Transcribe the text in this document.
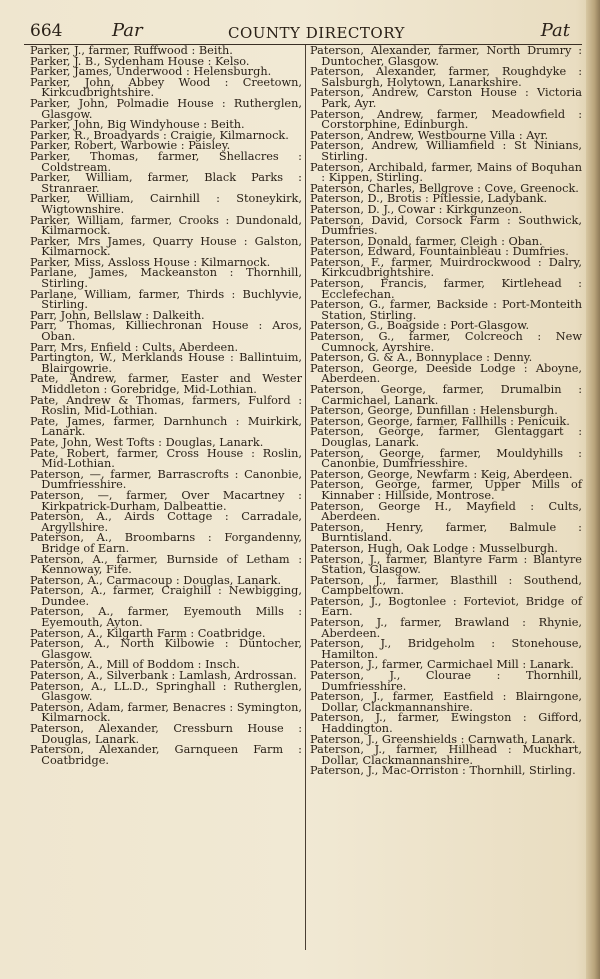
664	Par	COUNTY DIRECTORY	Pat

Parker, J., farmer, Ruffwood : Beith.

Parker, J. B., Sydenham House : Kelso.

Parker, James, Underwood : Helensburgh.

Parker, John, Abbey Wood : Creetown, Kirkcudbrightshire.

Parker, John, Polmadie House : Rutherglen, Glasgow.

Parker, John, Big Windyhouse : Beith.

Parker, R., Broadyards : Craigie, Kilmarnock.

Parker, Robert, Warbowie : Paisley.

Parker, Thomas, farmer, Shellacres : Coldstream.

Parker, William, farmer, Black Parks : Stranraer.

Parker, William, Cairnhill : Stoneykirk, Wigtownshire.

Parker, William, farmer, Crooks : Dundonald, Kilmarnock.

Parker, Mrs James, Quarry House : Galston, Kilmarnock.

Parker, Miss, Assloss House : Kilmarnock.

Parlane, James, Mackeanston : Thornhill, Stirling.

Parlane, William, farmer, Thirds : Buchlyvie, Stirling.

Parr, John, Bellslaw : Dalkeith.

Parr, Thomas, Killiechronan House : Aros, Oban.

Parr, Mrs, Enfield : Cults, Aberdeen.

Partington, W., Merklands House : Ballintuim, Blairgowrie.

Pate, Andrew, farmer, Easter and Wester Middleton : Gorebridge, Mid-Lothian.

Pate, Andrew & Thomas, farmers, Fulford : Roslin, Mid-Lothian.

Pate, James, farmer, Darnhunch : Muirkirk, Lanark.

Pate, John, West Tofts : Douglas, Lanark.

Pate, Robert, farmer, Cross House : Roslin, Mid-Lothian.

Paterson, —, farmer, Barrascrofts : Canonbie, Dumfriesshire.

Paterson, —, farmer, Over Macartney : Kirkpatrick-Durham, Dalbeattie.

Paterson, A., Airds Cottage : Carradale, Argyllshire.

Paterson, A., Broombarns : Forgandenny, Bridge of Earn.

Paterson, A., farmer, Burnside of Letham : Kennoway, Fife.

Paterson, A., Carmacoup : Douglas, Lanark.

Paterson, A., farmer, Craighill : Newbigging, Dundee.

Paterson, A., farmer, Eyemouth Mills : Eyemouth, Ayton.

Paterson, A., Kilgarth Farm : Coatbridge.

Paterson, A., North Kilbowie : Duntocher, Glasgow.

Paterson, A., Mill of Boddom : Insch.

Paterson, A., Silverbank : Lamlash, Ardrossan.

Paterson, A., LL.D., Springhall : Rutherglen, Glasgow.

Paterson, Adam, farmer, Benacres : Symington, Kilmarnock.

Paterson, Alexander, Cressburn House : Douglas, Lanark.

Paterson, Alexander, Garnqueen Farm : Coatbridge.

Paterson, Alexander, farmer, North Drumry : Duntocher, Glasgow.

Paterson, Alexander, farmer, Roughdyke : Salsburgh, Holytown, Lanarkshire.

Paterson, Andrew, Carston House : Victoria Park, Ayr.

Paterson, Andrew, farmer, Meadowfield : Corstorphine, Edinburgh.

Paterson, Andrew, Westbourne Villa : Ayr.

Paterson, Andrew, Williamfield : St Ninians, Stirling.

Paterson, Archibald, farmer, Mains of Boquhan : Kippen, Stirling.

Paterson, Charles, Bellgrove : Cove, Greenock.

Paterson, D., Brotis : Pitlessie, Ladybank.

Paterson, D. J., Cowar : Kirkgunzeon.

Paterson, David, Corsock Farm : Southwick, Dumfries.

Paterson, Donald, farmer, Cleigh : Oban.

Paterson, Edward, Fountainbleau : Dumfries.

Paterson, F., farmer, Muirdrockwood : Dalry, Kirkcudbrightshire.

Paterson, Francis, farmer, Kirtlehead : Ecclefechan.

Paterson, G., farmer, Backside : Port-Monteith Station, Stirling.

Paterson, G., Boagside : Port-Glasgow.

Paterson, G., farmer, Colcreoch : New Cumnock, Ayrshire.

Paterson, G. & A., Bonnyplace : Denny.

Paterson, George, Deeside Lodge : Aboyne, Aberdeen.

Paterson, George, farmer, Drumalbin : Carmichael, Lanark.

Paterson, George, Dunfillan : Helensburgh.

Paterson, George, farmer, Fallhills : Penicuik.

Paterson, George, farmer, Glentaggart : Douglas, Lanark.

Paterson, George, farmer, Mouldyhills : Canonbie, Dumfriesshire.

Paterson, George, Newfarm : Keig, Aberdeen.

Paterson, George, farmer, Upper Mills of Kinnaber : Hillside, Montrose.

Paterson, George H., Mayfield : Cults, Aberdeen.

Paterson, Henry, farmer, Balmule : Burntisland.

Paterson, Hugh, Oak Lodge : Musselburgh.

Paterson, J., farmer, Blantyre Farm : Blantyre Station, Glasgow.

Paterson, J., farmer, Blasthill : Southend, Campbeltown.

Paterson, J., Bogtonlee : Forteviot, Bridge of Earn.

Paterson, J., farmer, Brawland : Rhynie, Aberdeen.

Paterson, J., Bridgeholm : Stonehouse, Hamilton.

Paterson, J., farmer, Carmichael Mill : Lanark.

Paterson, J., Clourae : Thornhill, Dumfriesshire.

Paterson, J., farmer, Eastfield : Blairngone, Dollar, Clackmannanshire.

Paterson, J., farmer, Ewingston : Gifford, Haddington.

Paterson, J., Greenshields : Carnwath, Lanark.

Paterson, J., farmer, Hillhead : Muckhart, Dollar, Clackmannanshire.

Paterson, J., Mac-Orriston : Thornhill, Stirling.
